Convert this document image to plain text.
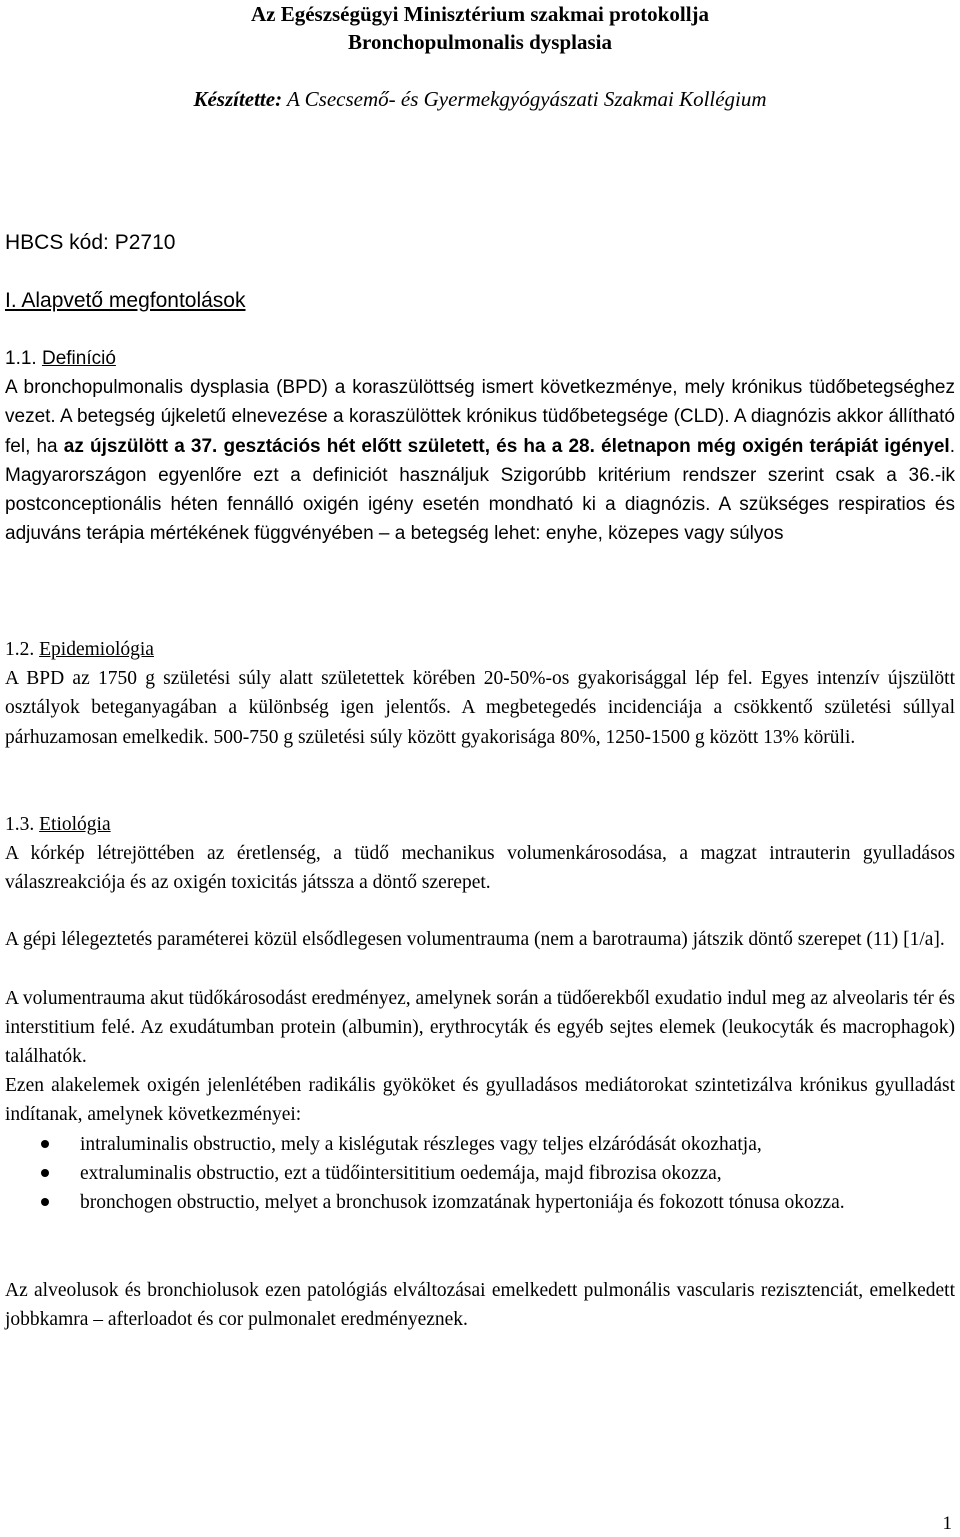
Az Egészségügyi Minisztérium szakmai protokollja

Bronchopulmonalis dysplasia

Készítette: A Csecsemő- és Gyermekgyógyászati Szakmai Kollégium

HBCS kód: P2710

I. Alapvető megfontolások

1.1. Definíció
A bronchopulmonalis dysplasia (BPD) a koraszülöttség ismert következménye, mely krónikus tüdőbetegséghez vezet. A betegség újkeletű elnevezése a koraszülöttek krónikus tüdőbetegsége (CLD). A diagnózis akkor állítható fel, ha az újszülött a 37. gesztációs hét előtt született, és ha a 28. életnapon még oxigén terápiát igényel. Magyarországon egyenlőre ezt a definiciót használjuk Szigorúbb kritérium rendszer szerint csak a 36.-ik postconceptionális héten fennálló oxigén igény esetén mondható ki a diagnózis. A szükséges respiratios és adjuváns terápia mértékének függvényében – a betegség lehet: enyhe, közepes vagy súlyos

1.2. Epidemiológia
A BPD az 1750 g születési súly alatt születettek körében 20-50%-os gyakorisággal lép fel. Egyes intenzív újszülött osztályok beteganyagában a különbség igen jelentős. A megbetegedés incidenciája a csökkentő születési súllyal párhuzamosan emelkedik. 500-750 g születési súly között gyakorisága 80%, 1250-1500 g között 13% körüli.

1.3. Etiológia
A kórkép létrejöttében az éretlenség, a tüdő mechanikus volumenkárosodása, a magzat intrauterin gyulladásos válaszreakciója és az oxigén toxicitás játssza a döntő szerepet.

A gépi lélegeztetés paraméterei közül elsődlegesen volumentrauma (nem a barotrauma) játszik döntő szerepet (11) [1/a].

A volumentrauma akut tüdőkárosodást eredményez, amelynek során a tüdőerekből exudatio indul meg az alveolaris tér és interstitium felé. Az exudátumban protein (albumin), erythrocyták és egyéb sejtes elemek (leukocyták és macrophagok) találhatók.

Ezen alakelemek oxigén jelenlétében radikális gyököket és gyulladásos mediátorokat szintetizálva krónikus gyulladást indítanak, amelynek következményei:

intraluminalis obstructio, mely a kislégutak részleges vagy teljes elzáródását okozhatja,
extraluminalis obstructio, ezt a tüdőintersititium oedemája, majd fibrozisa okozza,
bronchogen obstructio, melyet a bronchusok izomzatának hypertoniája és fokozott tónusa okozza.

Az alveolusok és bronchiolusok ezen patológiás elváltozásai emelkedett pulmonális vascularis rezisztenciát, emelkedett jobbkamra – afterloadot és cor pulmonalet eredményeznek.

1
